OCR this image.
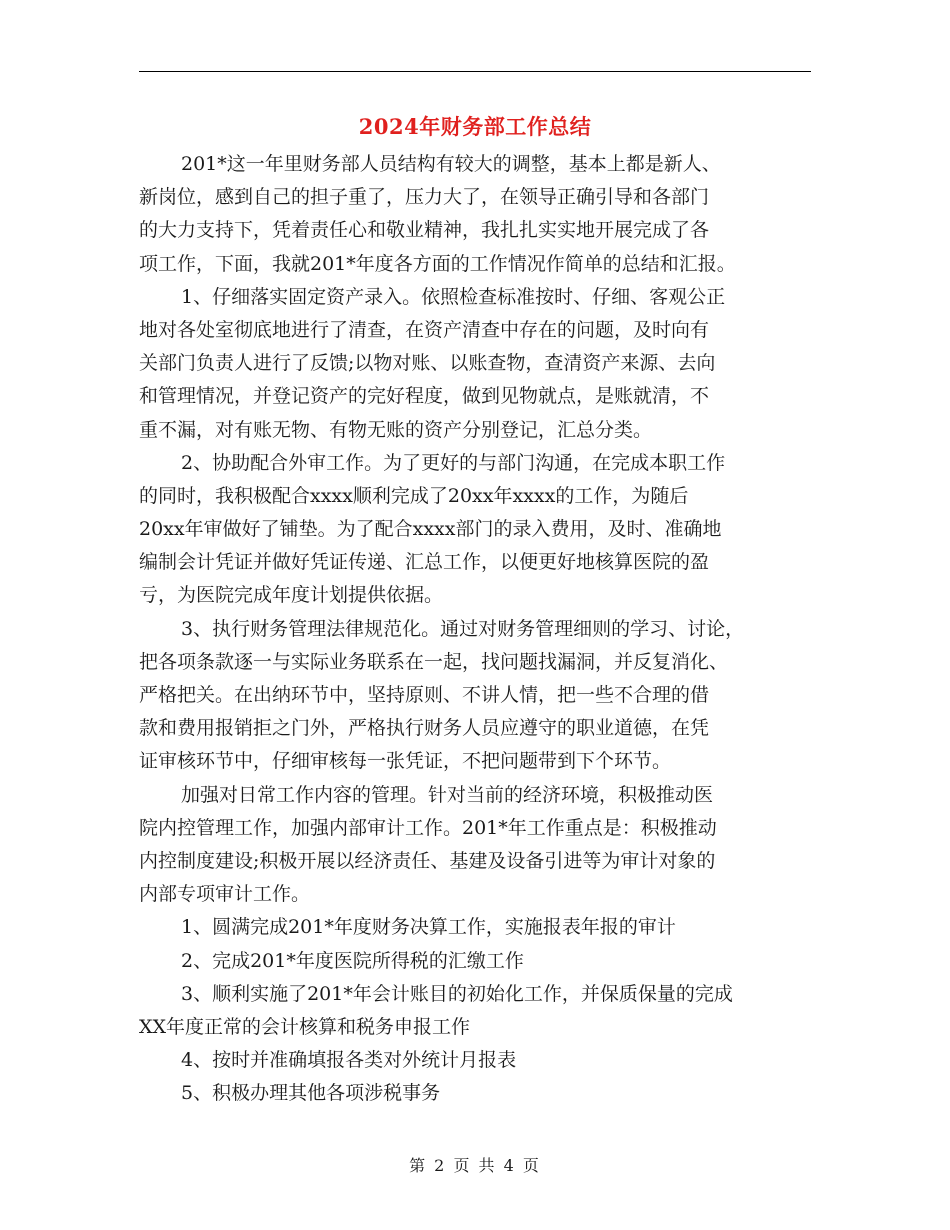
2024年财务部工作总结
201*这一年里财务部人员结构有较大的调整，基本上都是新人、
新岗位，感到自己的担子重了，压力大了，在领导正确引导和各部门
的大力支持下，凭着责任心和敬业精神，我扎扎实实地开展完成了各
项工作，下面，我就201*年度各方面的工作情况作简单的总结和汇报。
1、仔细落实固定资产录入。依照检查标准按时、仔细、客观公正
地对各处室彻底地进行了清查，在资产清查中存在的问题，及时向有
关部门负责人进行了反馈;以物对账、以账查物，查清资产来源、去向
和管理情况，并登记资产的完好程度，做到见物就点，是账就清，不
重不漏，对有账无物、有物无账的资产分别登记，汇总分类。
2、协助配合外审工作。为了更好的与部门沟通，在完成本职工作
的同时，我积极配合xxxx顺利完成了20xx年xxxx的工作，为随后
20xx年审做好了铺垫。为了配合xxxx部门的录入费用，及时、准确地
编制会计凭证并做好凭证传递、汇总工作，以便更好地核算医院的盈
亏，为医院完成年度计划提供依据。
3、执行财务管理法律规范化。通过对财务管理细则的学习、讨论，
把各项条款逐一与实际业务联系在一起，找问题找漏洞，并反复消化、
严格把关。在出纳环节中，坚持原则、不讲人情，把一些不合理的借
款和费用报销拒之门外，严格执行财务人员应遵守的职业道德，在凭
证审核环节中，仔细审核每一张凭证，不把问题带到下个环节。
加强对日常工作内容的管理。针对当前的经济环境，积极推动医
院内控管理工作，加强内部审计工作。201*年工作重点是：积极推动
内控制度建设;积极开展以经济责任、基建及设备引进等为审计对象的
内部专项审计工作。
1、圆满完成201*年度财务决算工作，实施报表年报的审计
2、完成201*年度医院所得税的汇缴工作
3、顺利实施了201*年会计账目的初始化工作，并保质保量的完成
XX年度正常的会计核算和税务申报工作
4、按时并准确填报各类对外统计月报表
5、积极办理其他各项涉税事务
第 2 页 共 4 页
